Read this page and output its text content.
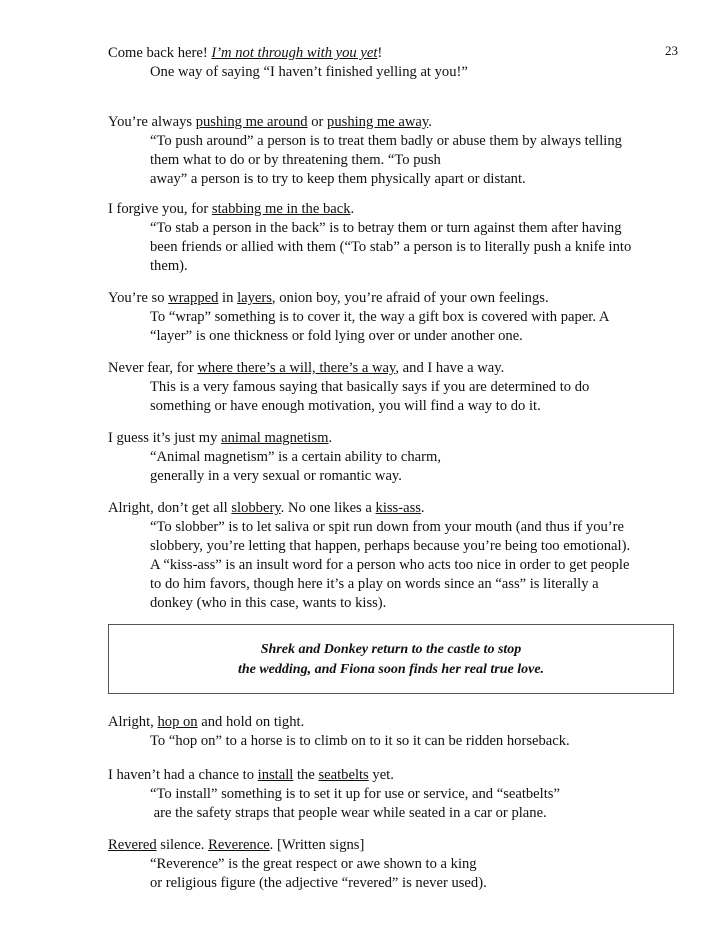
23
Come back here! I’m not through with you yet!
One way of saying “I haven’t finished yelling at you!”
You’re always pushing me around or pushing me away.
“To push around” a person is to treat them badly or abuse them by always telling
them what to do or by threatening them. “To push
away” a person is to try to keep them physically apart or distant.
I forgive you, for stabbing me in the back.
“To stab a person in the back” is to betray them or turn against them after having
been friends or allied with them (“To stab” a person is to literally push a knife into
them).
You’re so wrapped in layers, onion boy, you’re afraid of your own feelings.
To “wrap” something is to cover it, the way a gift box is covered with paper. A
“layer” is one thickness or fold lying over or under another one.
Never fear, for where there’s a will, there’s a way, and I have a way.
This is a very famous saying that basically says if you are determined to do
something or have enough motivation, you will find a way to do it.
I guess it’s just my animal magnetism.
“Animal magnetism” is a certain ability to charm,
generally in a very sexual or romantic way.
Alright, don’t get all slobbery. No one likes a kiss-ass.
“To slobber” is to let saliva or spit run down from your mouth (and thus if you’re
slobbery, you’re letting that happen, perhaps because you’re being too emotional).
A “kiss-ass” is an insult word for a person who acts too nice in order to get people
to do him favors, though here it’s a play on words since an “ass” is literally a
donkey (who in this case, wants to kiss).
Shrek and Donkey return to the castle to stop
the wedding, and Fiona soon finds her real true love.
Alright, hop on and hold on tight.
To “hop on” to a horse is to climb on to it so it can be ridden horseback.
I haven’t had a chance to install the seatbelts yet.
“To install” something is to set it up for use or service, and “seatbelts”
are the safety straps that people wear while seated in a car or plane.
Revered silence. Reverence. [Written signs]
“Reverence” is the great respect or awe shown to a king
or religious figure (the adjective “revered” is never used).
